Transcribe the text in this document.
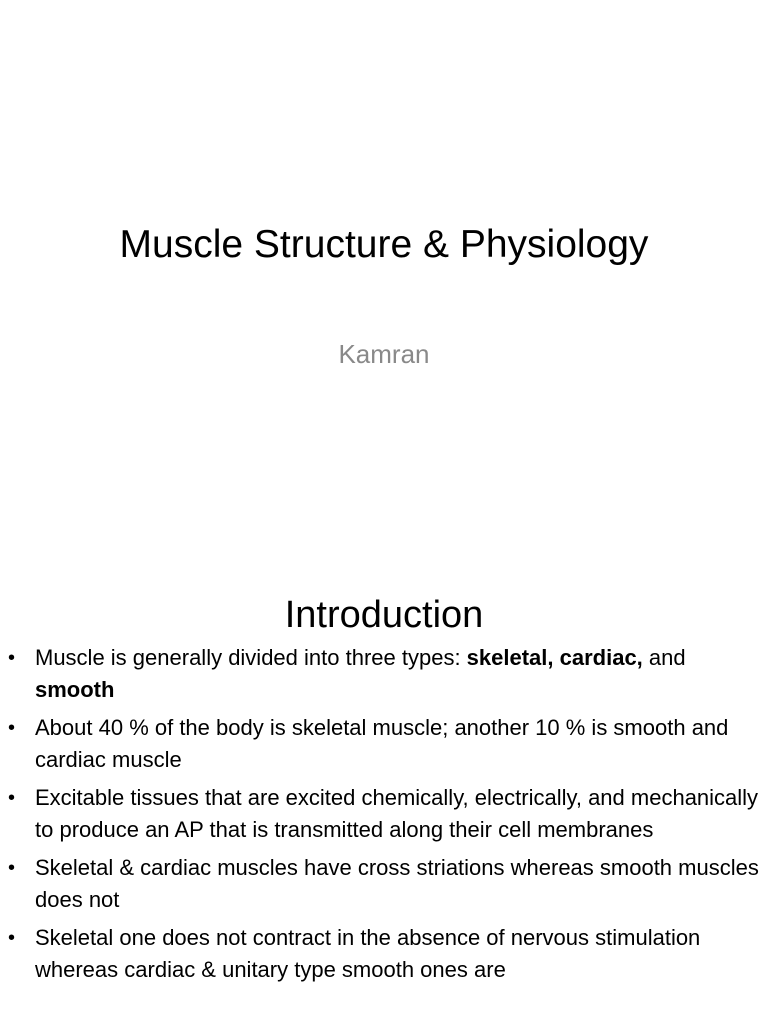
Muscle Structure & Physiology

Kamran

Introduction
• Muscle is generally divided into three types: skeletal, cardiac, and smooth
• About 40 % of the body is skeletal muscle; another 10 % is smooth and cardiac muscle
• Excitable tissues that are excited chemically, electrically, and mechanically to produce an AP that is transmitted along their cell membranes
• Skeletal & cardiac muscles have cross striations whereas smooth muscles does not
• Skeletal one does not contract in the absence of nervous stimulation whereas cardiac & unitary type smooth ones are
